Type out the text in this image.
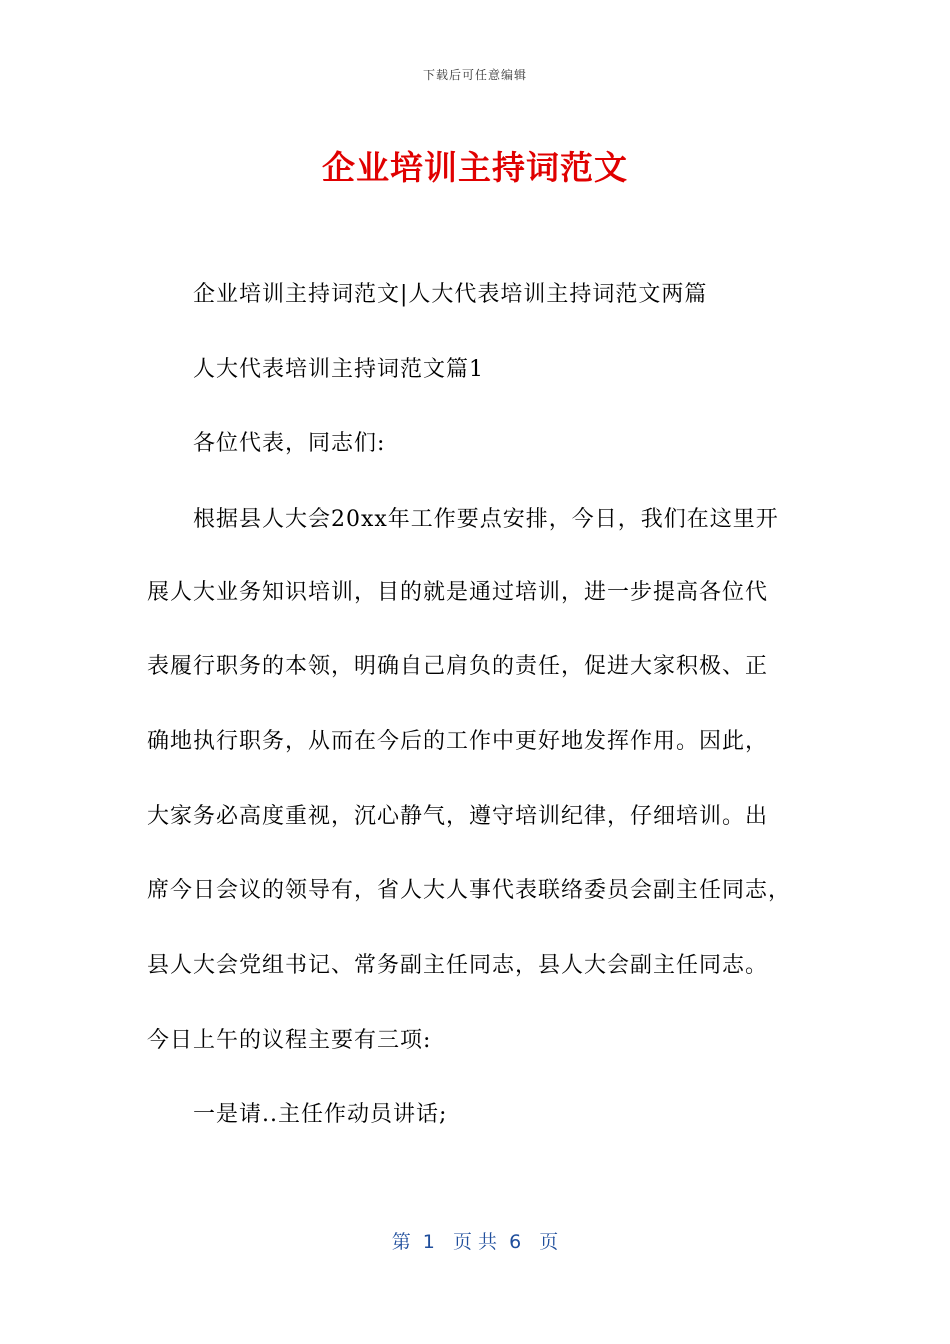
下载后可任意编辑
企业培训主持词范文
企业培训主持词范文|人大代表培训主持词范文两篇
人大代表培训主持词范文篇1
各位代表，同志们:
根据县人大会20xx年工作要点安排，今日，我们在这里开
展人大业务知识培训，目的就是通过培训，进一步提高各位代
表履行职务的本领，明确自己肩负的责任，促进大家积极、正
确地执行职务，从而在今后的工作中更好地发挥作用。因此，
大家务必高度重视，沉心静气，遵守培训纪律，仔细培训。出
席今日会议的领导有，省人大人事代表联络委员会副主任同志，
县人大会党组书记、常务副主任同志，县人大会副主任同志。
今日上午的议程主要有三项:
一是请..主任作动员讲话;
第  1   页 共  6   页
